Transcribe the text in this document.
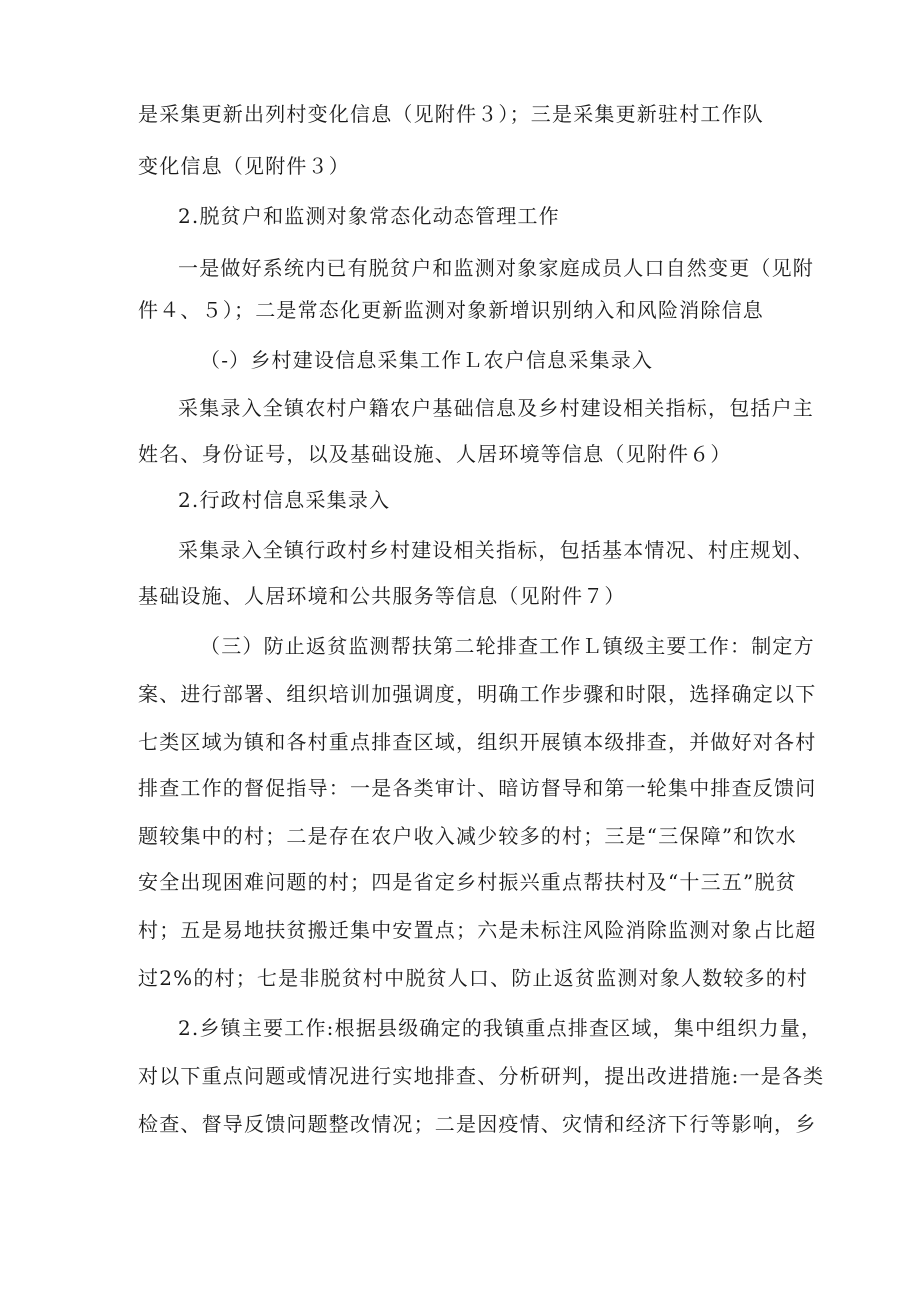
是采集更新出列村变化信息（见附件３）；三是采集更新驻村工作队
变化信息（见附件３）
2.脱贫户和监测对象常态化动态管理工作
一是做好系统内已有脱贫户和监测对象家庭成员人口自然变更（见附
件４、５）；二是常态化更新监测对象新增识别纳入和风险消除信息
（-）乡村建设信息采集工作Ｌ农户信息采集录入
采集录入全镇农村户籍农户基础信息及乡村建设相关指标，包括户主
姓名、身份证号，以及基础设施、人居环境等信息（见附件６）
2.行政村信息采集录入
采集录入全镇行政村乡村建设相关指标，包括基本情况、村庄规划、
基础设施、人居环境和公共服务等信息（见附件７）
（三）防止返贫监测帮扶第二轮排查工作Ｌ镇级主要工作：制定方
案、进行部署、组织培训加强调度，明确工作步骤和时限，选择确定以下
七类区域为镇和各村重点排查区域，组织开展镇本级排查，并做好对各村
排查工作的督促指导：一是各类审计、暗访督导和第一轮集中排查反馈问
题较集中的村；二是存在农户收入减少较多的村；三是“三保障”和饮水
安全出现困难问题的村；四是省定乡村振兴重点帮扶村及“十三五”脱贫
村；五是易地扶贫搬迁集中安置点；六是未标注风险消除监测对象占比超
过2%的村；七是非脱贫村中脱贫人口、防止返贫监测对象人数较多的村
2.乡镇主要工作:根据县级确定的我镇重点排查区域，集中组织力量，
对以下重点问题或情况进行实地排查、分析研判，提出改进措施:一是各类
检查、督导反馈问题整改情况；二是因疫情、灾情和经济下行等影响，乡
